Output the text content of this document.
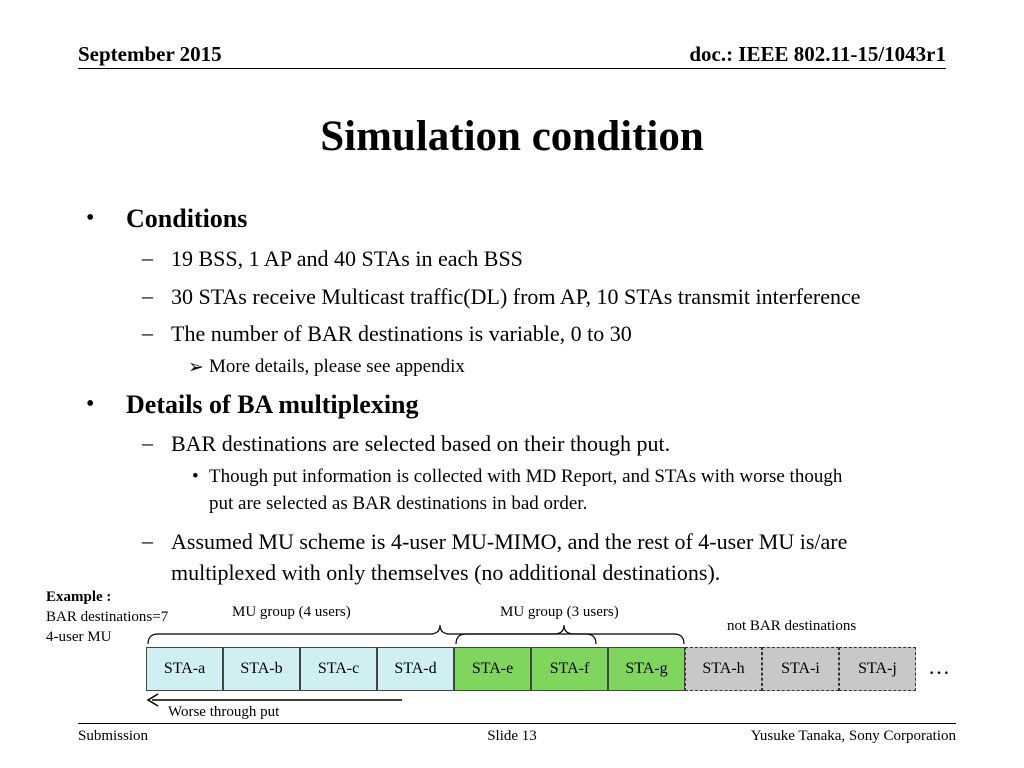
September 2015	doc.: IEEE 802.11-15/1043r1
Simulation condition
• Conditions
– 19 BSS, 1 AP and 40 STAs in each BSS
– 30 STAs receive Multicast traffic(DL) from AP, 10 STAs transmit interference
– The number of BAR destinations is variable, 0 to 30
➢ More details, please see appendix
• Details of BA multiplexing
– BAR destinations are selected based on their though put.
• Though put information is collected with MD Report, and STAs with worse though
put are selected as BAR destinations in bad order.
– Assumed MU scheme is 4-user MU-MIMO, and the rest of 4-user MU is/are
multiplexed with only themselves (no additional destinations).
Example :
BAR destinations=7
4-user MU
MU group (4 users)	MU group (3 users)
not BAR destinations
STA-a	STA-b	STA-c	STA-d	STA-e	STA-f	STA-g	STA-h	STA-i	STA-j	…
Worse through put
Submission	Slide 13	Yusuke Tanaka, Sony Corporation
